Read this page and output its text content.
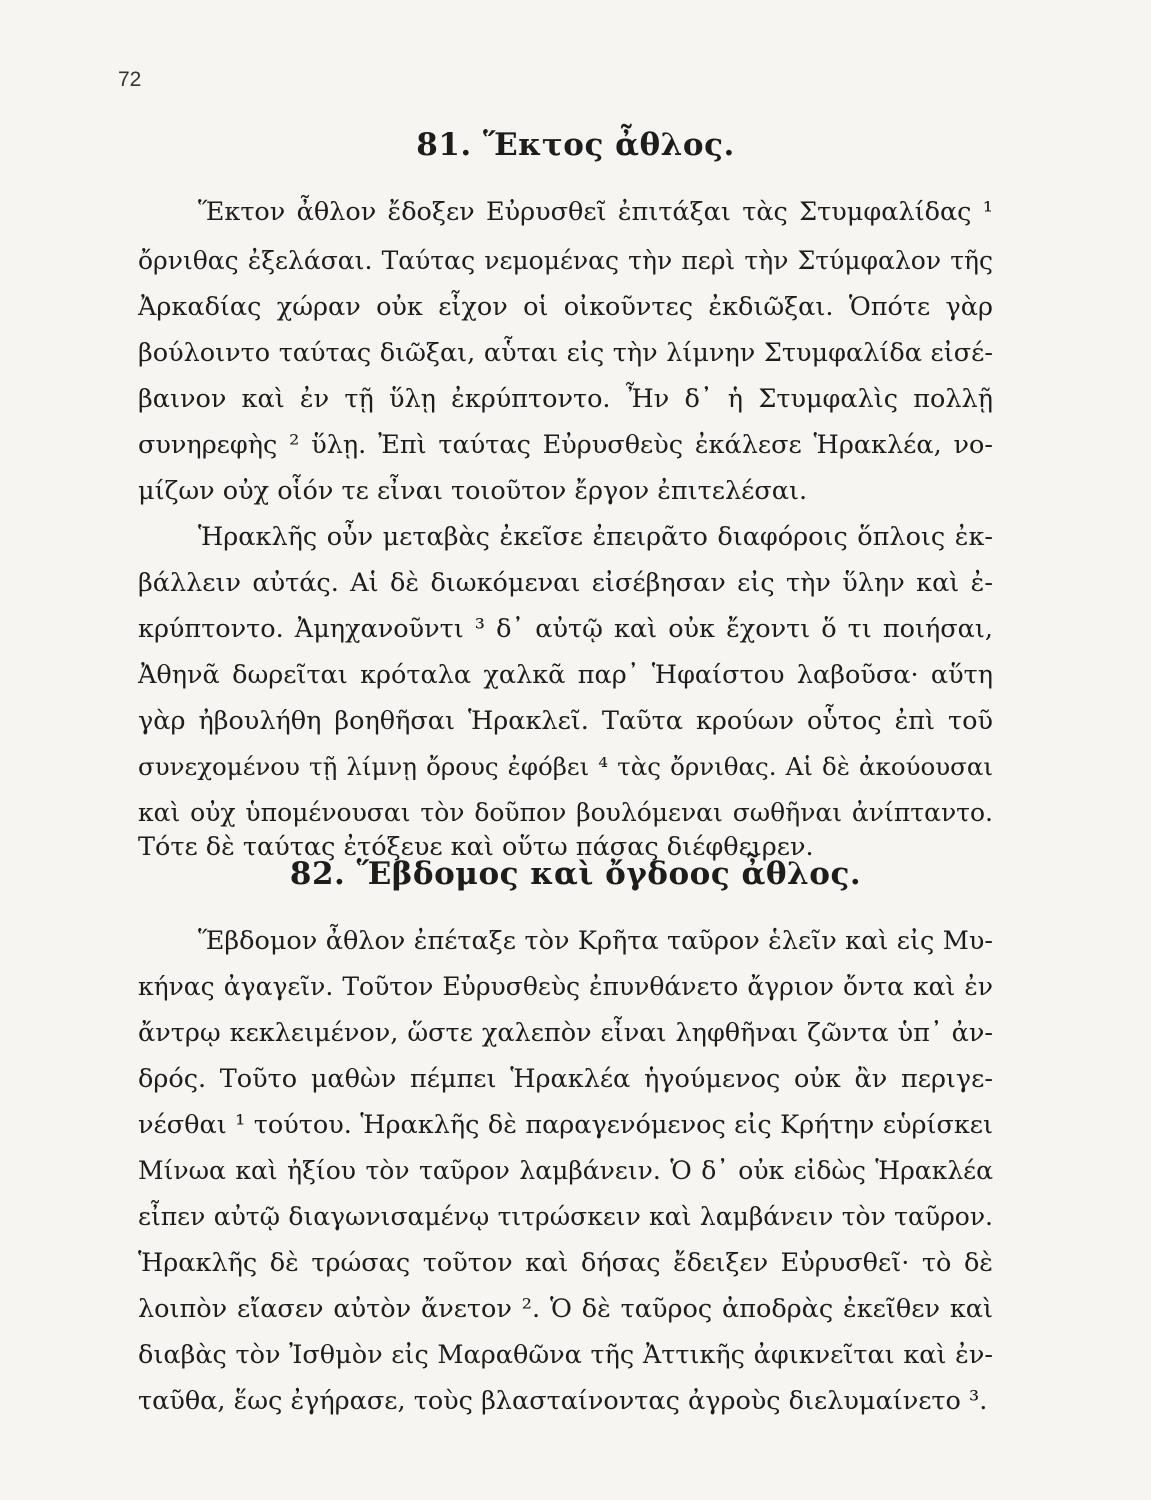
72
81. Ἕκτος ἆθλος.
Ἕκτον ἆθλον ἔδοξεν Εὐρυσθεῖ ἐπιτάξαι τὰς Στυμφαλίδας ¹
ὄρνιθας ἐξελάσαι. Ταύτας νεμομένας τὴν περὶ τὴν Στύμφαλον τῆς
Ἀρκαδίας χώραν οὐκ εἶχον οἱ οἰκοῦντες ἐκδιῶξαι. Ὁπότε γὰρ
βούλοιντο ταύτας διῶξαι, αὗται εἰς τὴν λίμνην Στυμφαλίδα εἰσέ-
βαινον καὶ ἐν τῇ ὕλῃ ἐκρύπτοντο. Ἦν δ᾽ ἡ Στυμφαλὶς πολλῇ
συνηρεφὴς ² ὕλῃ. Ἐπὶ ταύτας Εὐρυσθεὺς ἐκάλεσε Ἡρακλέα, νο-
μίζων οὐχ οἷόν τε εἶναι τοιοῦτον ἔργον ἐπιτελέσαι.
Ἡρακλῆς οὖν μεταβὰς ἐκεῖσε ἐπειρᾶτο διαφόροις ὅπλοις ἐκ-
βάλλειν αὐτάς. Αἱ δὲ διωκόμεναι εἰσέβησαν εἰς τὴν ὕλην καὶ ἐ-
κρύπτοντο. Ἀμηχανοῦντι ³ δ᾽ αὐτῷ καὶ οὐκ ἔχοντι ὅ τι ποιήσαι,
Ἀθηνᾶ δωρεῖται κρόταλα χαλκᾶ παρ᾽ Ἡφαίστου λαβοῦσα· αὕτη
γὰρ ἠβουλήθη βοηθῆσαι Ἡρακλεῖ. Ταῦτα κρούων οὗτος ἐπὶ τοῦ
συνεχομένου τῇ λίμνῃ ὄρους ἐφόβει ⁴ τὰς ὄρνιθας. Αἱ δὲ ἀκούουσαι
καὶ οὐχ ὑπομένουσαι τὸν δοῦπον βουλόμεναι σωθῆναι ἀνίπταντο.
Τότε δὲ ταύτας ἐτόξευε καὶ οὕτω πάσας διέφθειρεν.
82. Ἕβδομος καὶ ὄγδοος ἆθλος.
Ἕβδομον ἆθλον ἐπέταξε τὸν Κρῆτα ταῦρον ἑλεῖν καὶ εἰς Μυ-
κήνας ἀγαγεῖν. Τοῦτον Εὐρυσθεὺς ἐπυνθάνετο ἄγριον ὄντα καὶ ἐν
ἄντρῳ κεκλειμένον, ὥστε χαλεπὸν εἶναι ληφθῆναι ζῶντα ὑπ᾽ ἀν-
δρός. Τοῦτο μαθὼν πέμπει Ἡρακλέα ἡγούμενος οὐκ ἂν περιγε-
νέσθαι ¹ τούτου. Ἡρακλῆς δὲ παραγενόμενος εἰς Κρήτην εὑρίσκει
Μίνωα καὶ ἠξίου τὸν ταῦρον λαμβάνειν. Ὁ δ᾽ οὐκ εἰδὼς Ἡρακλέα
εἶπεν αὐτῷ διαγωνισαμένῳ τιτρώσκειν καὶ λαμβάνειν τὸν ταῦρον.
Ἡρακλῆς δὲ τρώσας τοῦτον καὶ δήσας ἔδειξεν Εὐρυσθεῖ· τὸ δὲ
λοιπὸν εἴασεν αὐτὸν ἄνετον ². Ὁ δὲ ταῦρος ἀποδρὰς ἐκεῖθεν καὶ
διαβὰς τὸν Ἰσθμὸν εἰς Μαραθῶνα τῆς Ἀττικῆς ἀφικνεῖται καὶ ἐν-
ταῦθα, ἕως ἐγήρασε, τοὺς βλασταίνοντας ἀγροὺς διελυμαίνετο ³.
